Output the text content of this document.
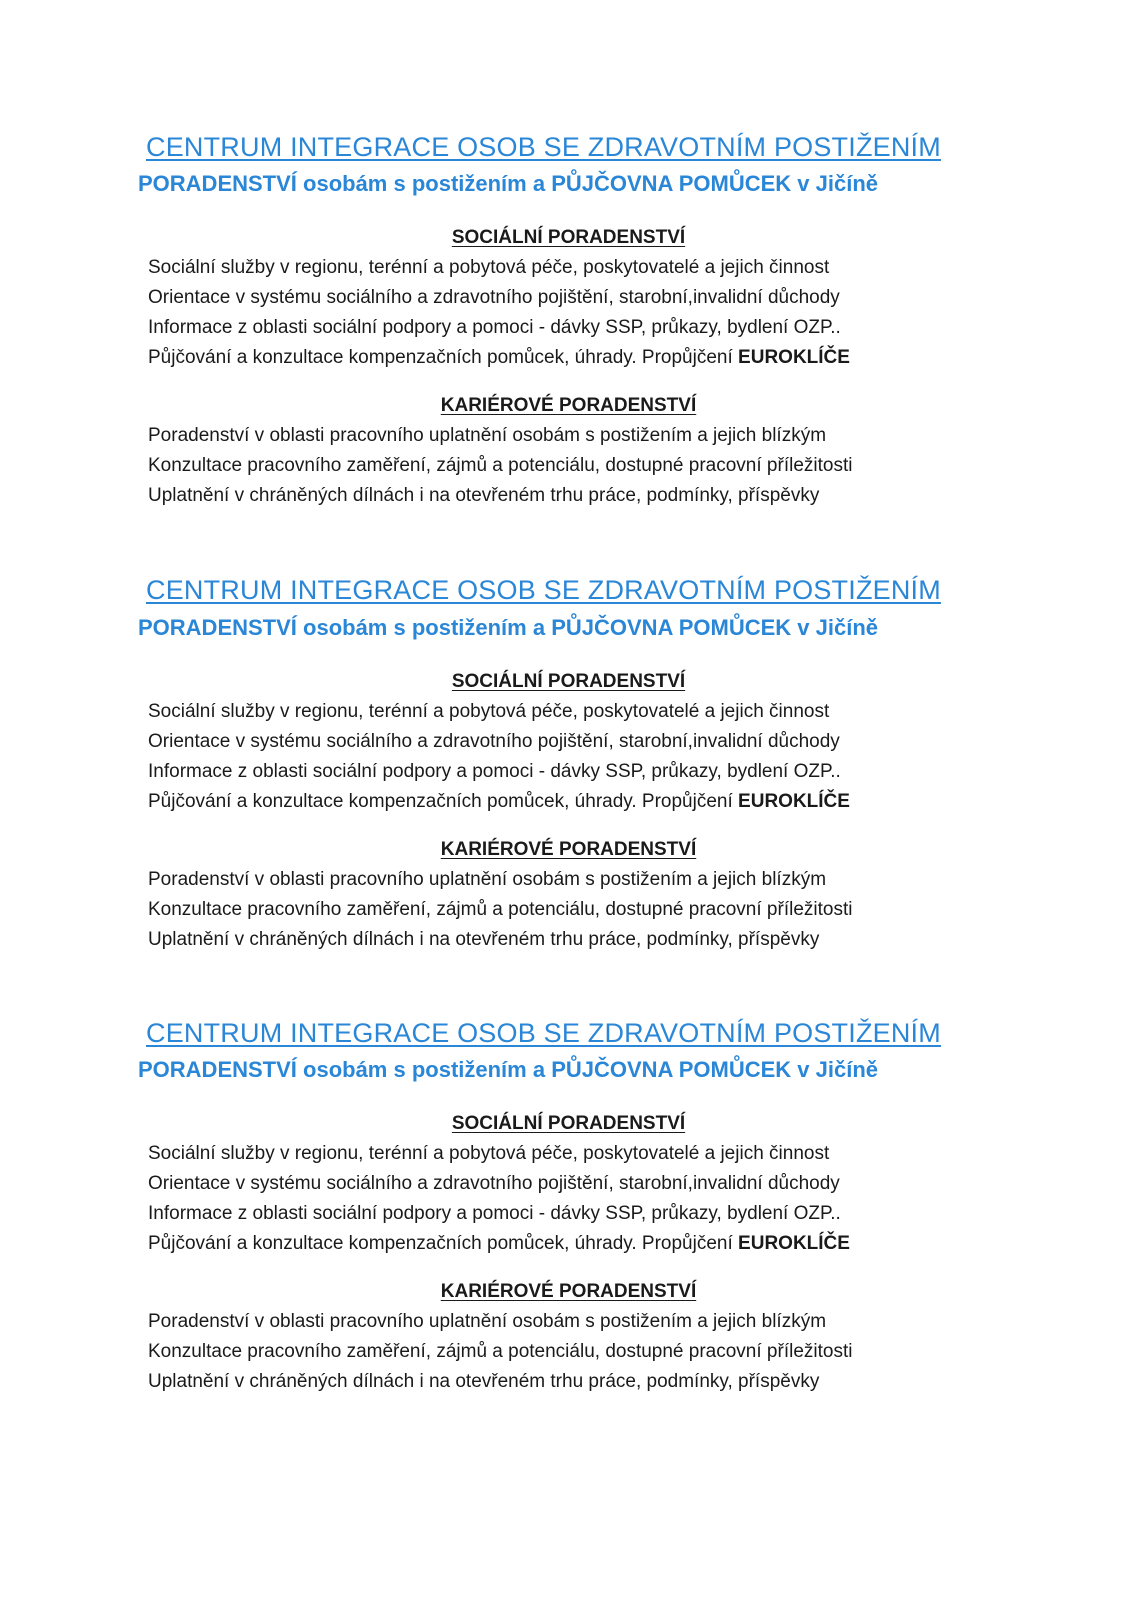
CENTRUM INTEGRACE OSOB SE ZDRAVOTNÍM POSTIŽENÍM
PORADENSTVÍ osobám s postižením a PŮJČOVNA POMŮCEK v Jičíně
SOCIÁLNÍ PORADENSTVÍ
Sociální služby v regionu, terénní a pobytová péče, poskytovatelé a jejich činnost
Orientace v systému sociálního a zdravotního pojištění, starobní,invalidní důchody
Informace z oblasti sociální podpory a pomoci - dávky SSP, průkazy, bydlení OZP..
Půjčování a konzultace kompenzačních pomůcek, úhrady. Propůjčení EUROKLÍČE
KARIÉROVÉ PORADENSTVÍ
Poradenství v oblasti pracovního uplatnění osobám s postižením a jejich blízkým
Konzultace pracovního zaměření, zájmů a potenciálu, dostupné pracovní příležitosti
Uplatnění v chráněných dílnách i na otevřeném trhu práce, podmínky, příspěvky
CENTRUM INTEGRACE OSOB SE ZDRAVOTNÍM POSTIŽENÍM
PORADENSTVÍ osobám s postižením a PŮJČOVNA POMŮCEK v Jičíně
SOCIÁLNÍ PORADENSTVÍ
Sociální služby v regionu, terénní a pobytová péče, poskytovatelé a jejich činnost
Orientace v systému sociálního a zdravotního pojištění, starobní,invalidní důchody
Informace z oblasti sociální podpory a pomoci - dávky SSP, průkazy, bydlení OZP..
Půjčování a konzultace kompenzačních pomůcek, úhrady. Propůjčení EUROKLÍČE
KARIÉROVÉ PORADENSTVÍ
Poradenství v oblasti pracovního uplatnění osobám s postižením a jejich blízkým
Konzultace pracovního zaměření, zájmů a potenciálu, dostupné pracovní příležitosti
Uplatnění v chráněných dílnách i na otevřeném trhu práce, podmínky, příspěvky
CENTRUM INTEGRACE OSOB SE ZDRAVOTNÍM POSTIŽENÍM
PORADENSTVÍ osobám s postižením a PŮJČOVNA POMŮCEK v Jičíně
SOCIÁLNÍ PORADENSTVÍ
Sociální služby v regionu, terénní a pobytová péče, poskytovatelé a jejich činnost
Orientace v systému sociálního a zdravotního pojištění, starobní,invalidní důchody
Informace z oblasti sociální podpory a pomoci - dávky SSP, průkazy, bydlení OZP..
Půjčování a konzultace kompenzačních pomůcek, úhrady. Propůjčení EUROKLÍČE
KARIÉROVÉ PORADENSTVÍ
Poradenství v oblasti pracovního uplatnění osobám s postižením a jejich blízkým
Konzultace pracovního zaměření, zájmů a potenciálu, dostupné pracovní příležitosti
Uplatnění v chráněných dílnách i na otevřeném trhu práce, podmínky, příspěvky
